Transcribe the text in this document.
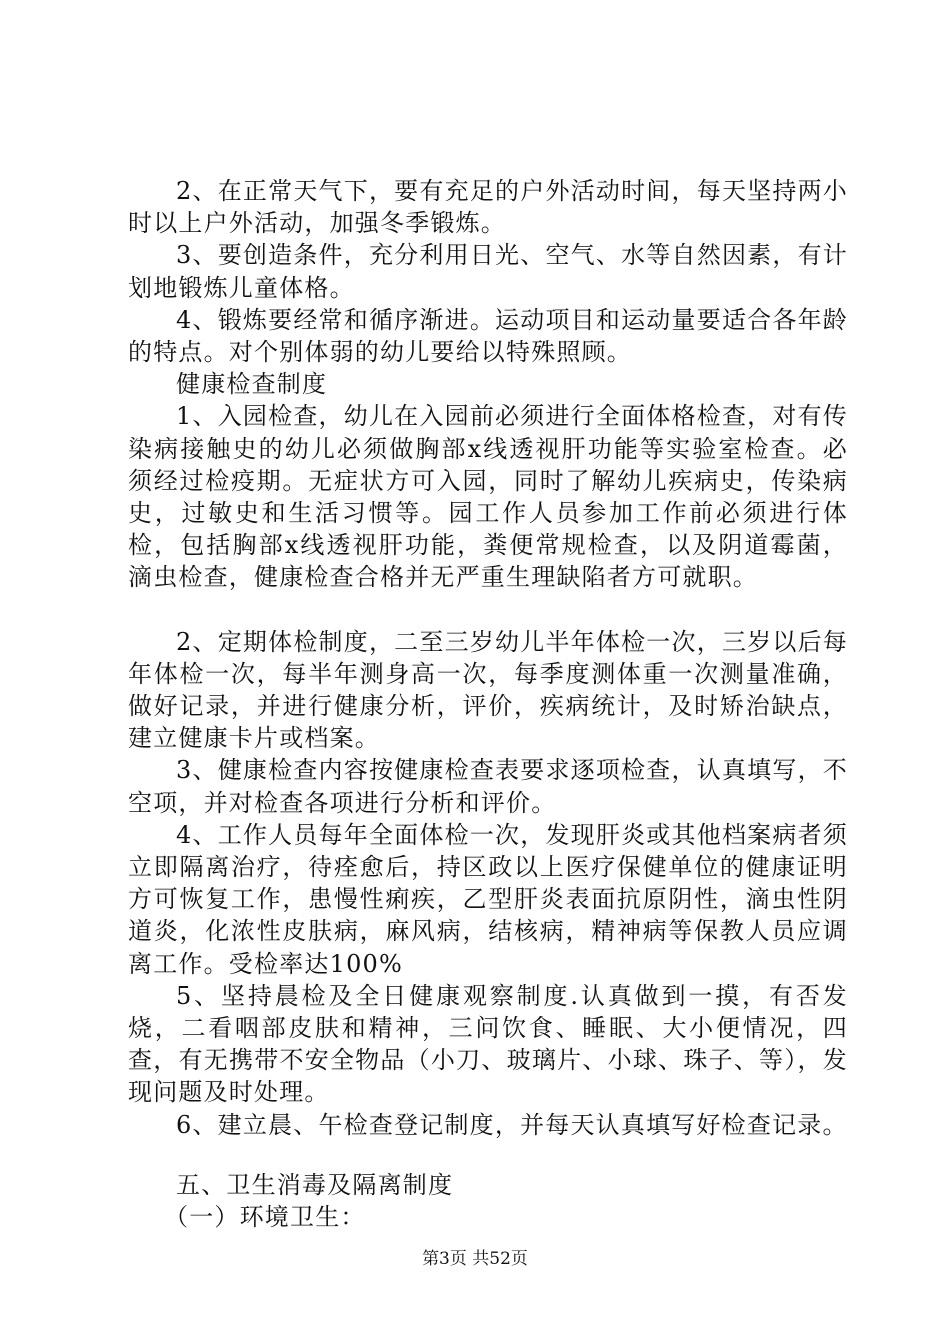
2、在正常天气下，要有充足的户外活动时间，每天坚持两小时以上户外活动，加强冬季锻炼。

3、要创造条件，充分利用日光、空气、水等自然因素，有计划地锻炼儿童体格。

4、锻炼要经常和循序渐进。运动项目和运动量要适合各年龄的特点。对个别体弱的幼儿要给以特殊照顾。

健康检查制度

1、入园检查，幼儿在入园前必须进行全面体格检查，对有传染病接触史的幼儿必须做胸部x线透视肝功能等实验室检查。必须经过检疫期。无症状方可入园，同时了解幼儿疾病史，传染病史，过敏史和生活习惯等。园工作人员参加工作前必须进行体检，包括胸部x线透视肝功能，粪便常规检查，以及阴道霉菌，滴虫检查，健康检查合格并无严重生理缺陷者方可就职。

2、定期体检制度，二至三岁幼儿半年体检一次，三岁以后每年体检一次，每半年测身高一次，每季度测体重一次测量准确，做好记录，并进行健康分析，评价，疾病统计，及时矫治缺点，建立健康卡片或档案。

3、健康检查内容按健康检查表要求逐项检查，认真填写，不空项，并对检查各项进行分析和评价。

4、工作人员每年全面体检一次，发现肝炎或其他档案病者须立即隔离治疗，待痊愈后，持区政以上医疗保健单位的健康证明方可恢复工作，患慢性痢疾，乙型肝炎表面抗原阴性，滴虫性阴道炎，化浓性皮肤病，麻风病，结核病，精神病等保教人员应调离工作。受检率达100%

5、坚持晨检及全日健康观察制度.认真做到一摸，有否发烧，二看咽部皮肤和精神，三问饮食、睡眠、大小便情况，四查，有无携带不安全物品（小刀、玻璃片、小球、珠子、等），发现问题及时处理。

6、建立晨、午检查登记制度，并每天认真填写好检查记录。

五、卫生消毒及隔离制度

（一）环境卫生：

第3页 共52页
